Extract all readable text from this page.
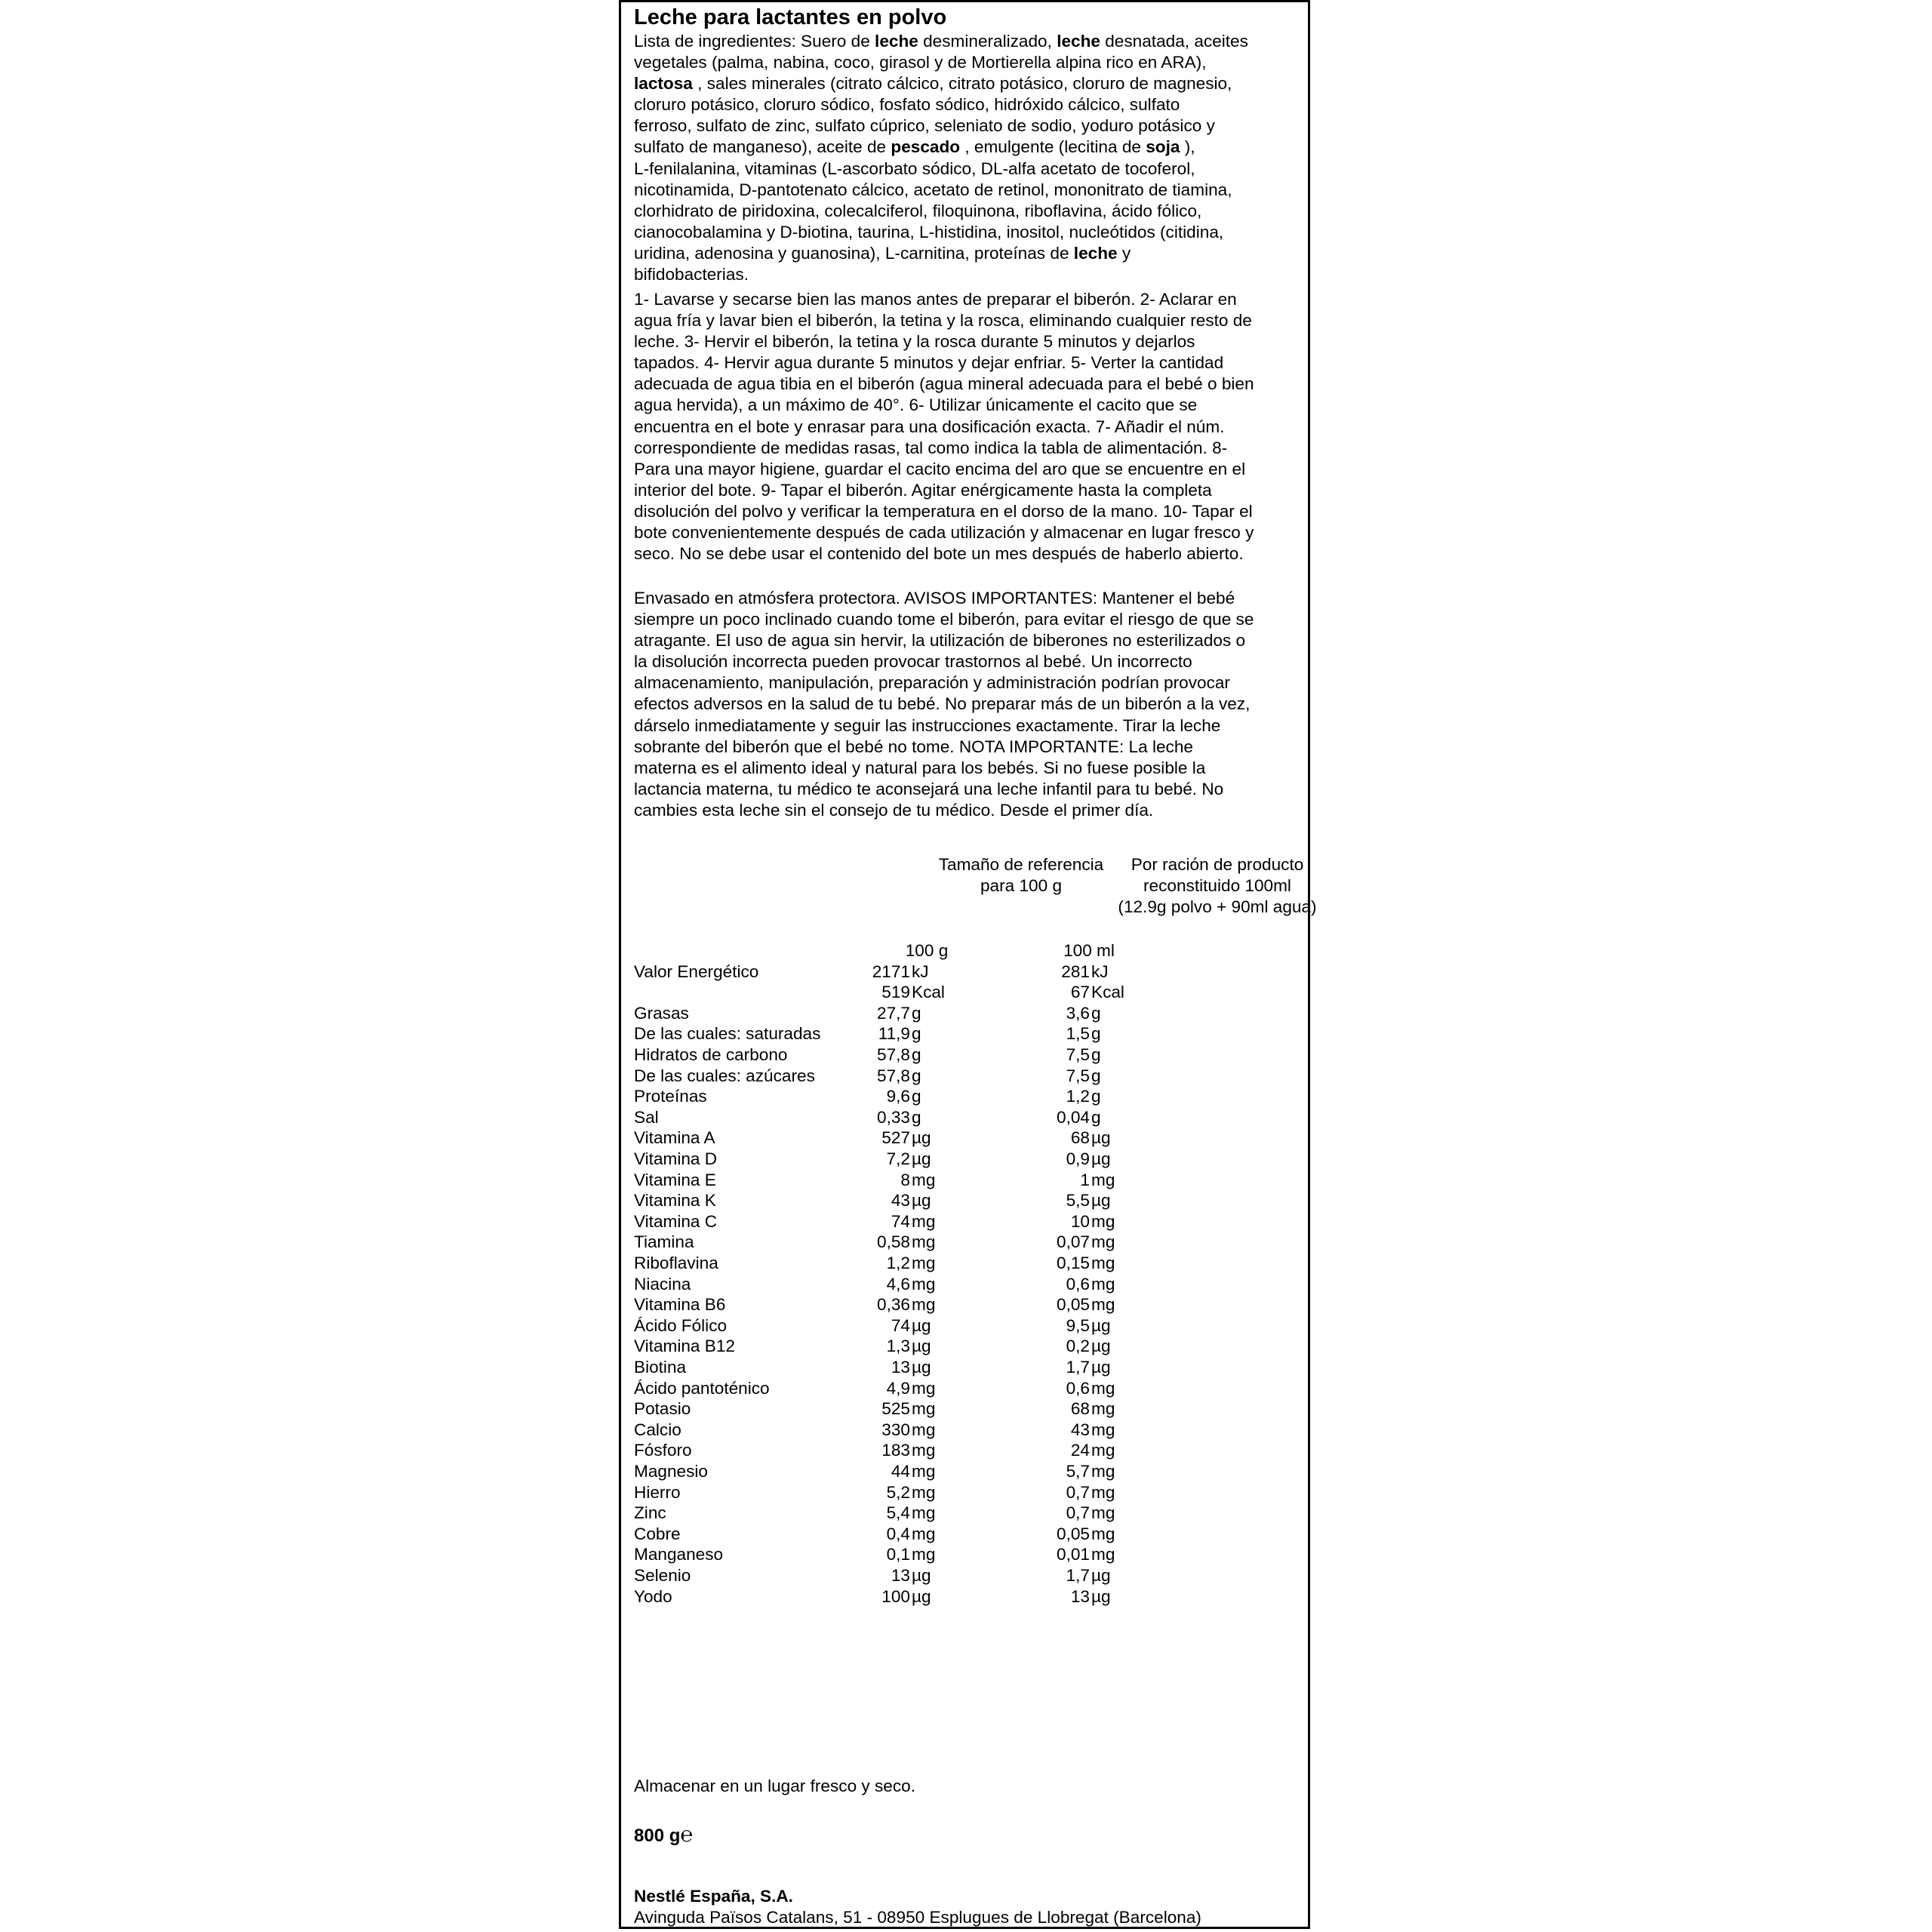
Leche para lactantes en polvo
Lista de ingredientes: Suero de leche desmineralizado, leche desnatada, aceites
vegetales (palma, nabina, coco, girasol y de Mortierella alpina rico en ARA),
lactosa , sales minerales (citrato cálcico, citrato potásico, cloruro de magnesio,
cloruro potásico, cloruro sódico, fosfato sódico, hidróxido cálcico, sulfato
ferroso, sulfato de zinc, sulfato cúprico, seleniato de sodio, yoduro potásico y
sulfato de manganeso), aceite de pescado , emulgente (lecitina de soja ),
L-fenilalanina, vitaminas (L-ascorbato sódico, DL-alfa acetato de tocoferol,
nicotinamida, D-pantotenato cálcico, acetato de retinol, mononitrato de tiamina,
clorhidrato de piridoxina, colecalciferol, filoquinona, riboflavina, ácido fólico,
cianocobalamina y D-biotina, taurina, L-histidina, inositol, nucleótidos (citidina,
uridina, adenosina y guanosina), L-carnitina, proteínas de leche y
bifidobacterias.
1- Lavarse y secarse bien las manos antes de preparar el biberón. 2- Aclarar en
agua fría y lavar bien el biberón, la tetina y la rosca, eliminando cualquier resto de
leche. 3- Hervir el biberón, la tetina y la rosca durante 5 minutos y dejarlos
tapados. 4- Hervir agua durante 5 minutos y dejar enfriar. 5- Verter la cantidad
adecuada de agua tibia en el biberón (agua mineral adecuada para el bebé o bien
agua hervida), a un máximo de 40°. 6- Utilizar únicamente el cacito que se
encuentra en el bote y enrasar para una dosificación exacta. 7- Añadir el núm.
correspondiente de medidas rasas, tal como indica la tabla de alimentación. 8-
Para una mayor higiene, guardar el cacito encima del aro que se encuentre en el
interior del bote. 9- Tapar el biberón. Agitar enérgicamente hasta la completa
disolución del polvo y verificar la temperatura en el dorso de la mano. 10- Tapar el
bote convenientemente después de cada utilización y almacenar en lugar fresco y
seco. No se debe usar el contenido del bote un mes después de haberlo abierto.
Envasado en atmósfera protectora. AVISOS IMPORTANTES: Mantener el bebé
siempre un poco inclinado cuando tome el biberón, para evitar el riesgo de que se
atragante. El uso de agua sin hervir, la utilización de biberones no esterilizados o
la disolución incorrecta pueden provocar trastornos al bebé. Un incorrecto
almacenamiento, manipulación, preparación y administración podrían provocar
efectos adversos en la salud de tu bebé. No preparar más de un biberón a la vez,
dárselo inmediatamente y seguir las instrucciones exactamente. Tirar la leche
sobrante del biberón que el bebé no tome. NOTA IMPORTANTE: La leche
materna es el alimento ideal y natural para los bebés. Si no fuese posible la
lactancia materna, tu médico te aconsejará una leche infantil para tu bebé. No
cambies esta leche sin el consejo de tu médico. Desde el primer día.
Tamaño de referencia
para 100 g
Por ración de producto
reconstituido 100ml
(12.9g polvo + 90ml agua)
100 g	100 ml
Valor Energético	2171 kJ	281 kJ
519 Kcal	67 Kcal
Grasas	27,7 g	3,6 g
De las cuales: saturadas	11,9 g	1,5 g
Hidratos de carbono	57,8 g	7,5 g
De las cuales: azúcares	57,8 g	7,5 g
Proteínas	9,6 g	1,2 g
Sal	0,33 g	0,04 g
Vitamina A	527 µg	68 µg
Vitamina D	7,2 µg	0,9 µg
Vitamina E	8 mg	1 mg
Vitamina K	43 µg	5,5 µg
Vitamina C	74 mg	10 mg
Tiamina	0,58 mg	0,07 mg
Riboflavina	1,2 mg	0,15 mg
Niacina	4,6 mg	0,6 mg
Vitamina B6	0,36 mg	0,05 mg
Ácido Fólico	74 µg	9,5 µg
Vitamina B12	1,3 µg	0,2 µg
Biotina	13 µg	1,7 µg
Ácido pantoténico	4,9 mg	0,6 mg
Potasio	525 mg	68 mg
Calcio	330 mg	43 mg
Fósforo	183 mg	24 mg
Magnesio	44 mg	5,7 mg
Hierro	5,2 mg	0,7 mg
Zinc	5,4 mg	0,7 mg
Cobre	0,4 mg	0,05 mg
Manganeso	0,1 mg	0,01 mg
Selenio	13 µg	1,7 µg
Yodo	100 µg	13 µg
Almacenar en un lugar fresco y seco.
800 g℮
Nestlé España, S.A.
Avinguda Països Catalans, 51 - 08950 Esplugues de Llobregat (Barcelona)
